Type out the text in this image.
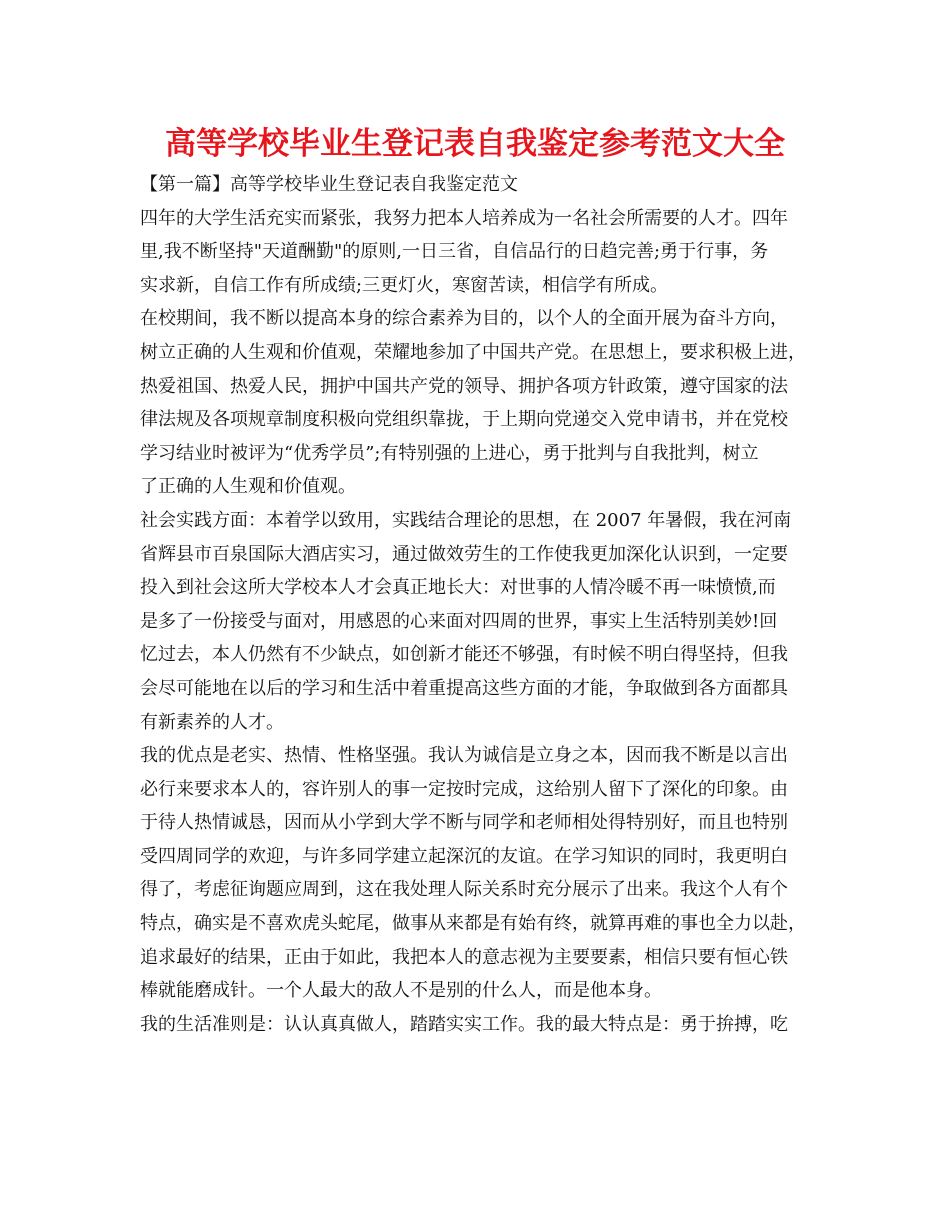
高等学校毕业生登记表自我鉴定参考范文大全
【第一篇】高等学校毕业生登记表自我鉴定范文
四年的大学生活充实而紧张，我努力把本人培养成为一名社会所需要的人才。四年
里,我不断坚持"天道酬勤"的原则,一日三省，自信品行的日趋完善;勇于行事，务
实求新，自信工作有所成绩;三更灯火，寒窗苦读，相信学有所成。
在校期间，我不断以提高本身的综合素养为目的，以个人的全面开展为奋斗方向，
树立正确的人生观和价值观，荣耀地参加了中国共产党。在思想上，要求积极上进，
热爱祖国、热爱人民，拥护中国共产党的领导、拥护各项方针政策，遵守国家的法
律法规及各项规章制度积极向党组织靠拢，于上期向党递交入党申请书，并在党校
学习结业时被评为“优秀学员”;有特别强的上进心，勇于批判与自我批判，树立
了正确的人生观和价值观。
社会实践方面：本着学以致用，实践结合理论的思想，在 2007 年暑假，我在河南
省辉县市百泉国际大酒店实习，通过做效劳生的工作使我更加深化认识到，一定要
投入到社会这所大学校本人才会真正地长大：对世事的人情冷暖不再一味愤愤,而
是多了一份接受与面对，用感恩的心来面对四周的世界，事实上生活特别美妙!回
忆过去，本人仍然有不少缺点，如创新才能还不够强，有时候不明白得坚持，但我
会尽可能地在以后的学习和生活中着重提高这些方面的才能，争取做到各方面都具
有新素养的人才。
我的优点是老实、热情、性格坚强。我认为诚信是立身之本，因而我不断是以言出
必行来要求本人的，容许别人的事一定按时完成，这给别人留下了深化的印象。由
于待人热情诚恳，因而从小学到大学不断与同学和老师相处得特别好，而且也特别
受四周同学的欢迎，与许多同学建立起深沉的友谊。在学习知识的同时，我更明白
得了，考虑征询题应周到，这在我处理人际关系时充分展示了出来。我这个人有个
特点，确实是不喜欢虎头蛇尾，做事从来都是有始有终，就算再难的事也全力以赴，
追求最好的结果，正由于如此，我把本人的意志视为主要要素，相信只要有恒心铁
棒就能磨成针。一个人最大的敌人不是别的什么人，而是他本身。
我的生活准则是：认认真真做人，踏踏实实工作。我的最大特点是：勇于拚搏，吃
